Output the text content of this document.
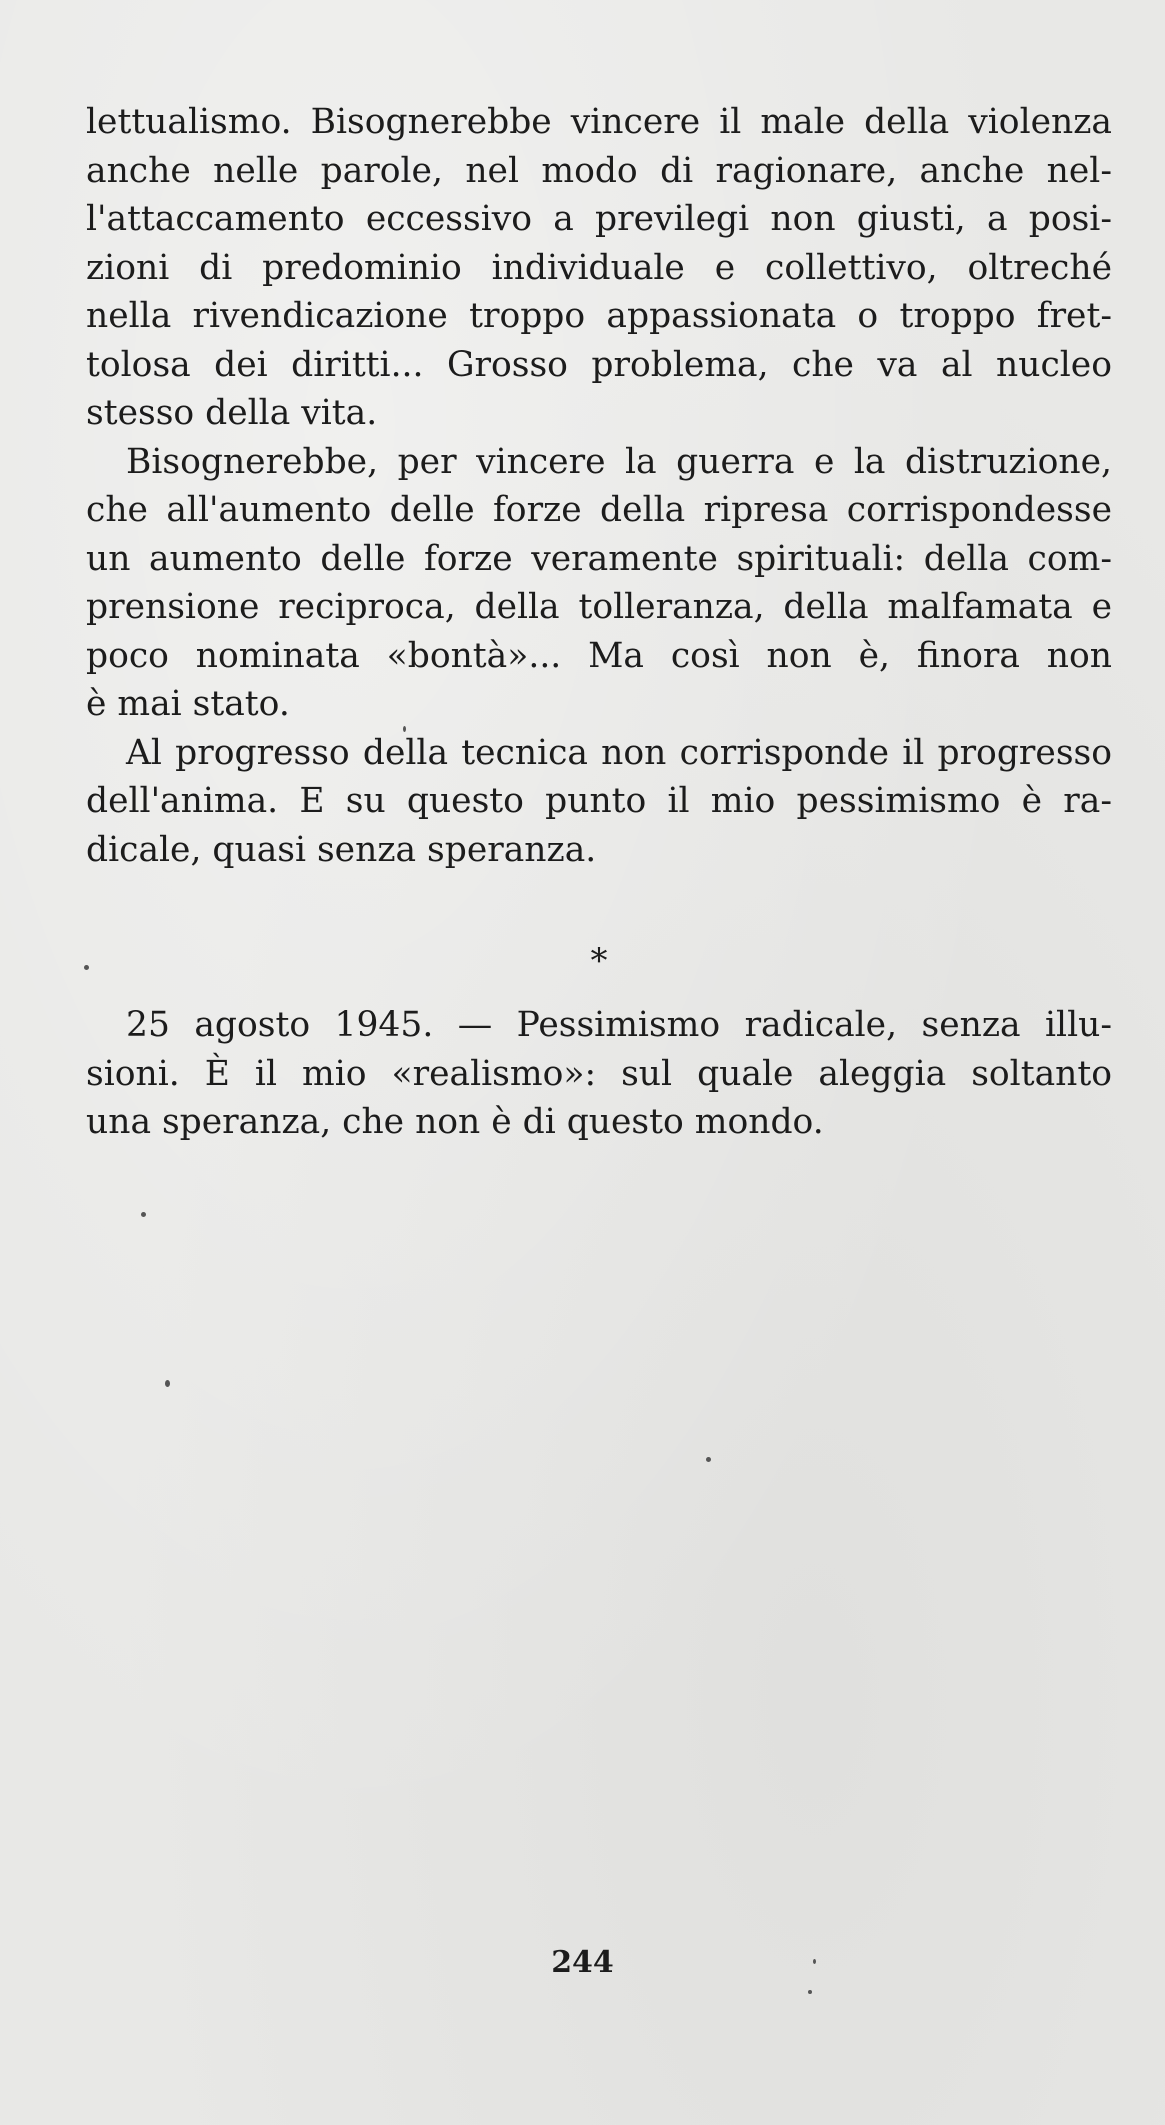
lettualismo. Bisognerebbe vincere il male della violenza
anche nelle parole, nel modo di ragionare, anche nel-
l'attaccamento eccessivo a previlegi non giusti, a posi-
zioni di predominio individuale e collettivo, oltreché
nella rivendicazione troppo appassionata o troppo fret-
tolosa dei diritti... Grosso problema, che va al nucleo
stesso della vita.
Bisognerebbe, per vincere la guerra e la distruzione,
che all'aumento delle forze della ripresa corrispondesse
un aumento delle forze veramente spirituali: della com-
prensione reciproca, della tolleranza, della malfamata e
poco nominata «bontà»... Ma così non è, finora non
è mai stato.
Al progresso della tecnica non corrisponde il progresso
dell'anima. E su questo punto il mio pessimismo è ra-
dicale, quasi senza speranza.
*
25 agosto 1945. — Pessimismo radicale, senza illu-
sioni. È il mio «realismo»: sul quale aleggia soltanto
una speranza, che non è di questo mondo.
244
